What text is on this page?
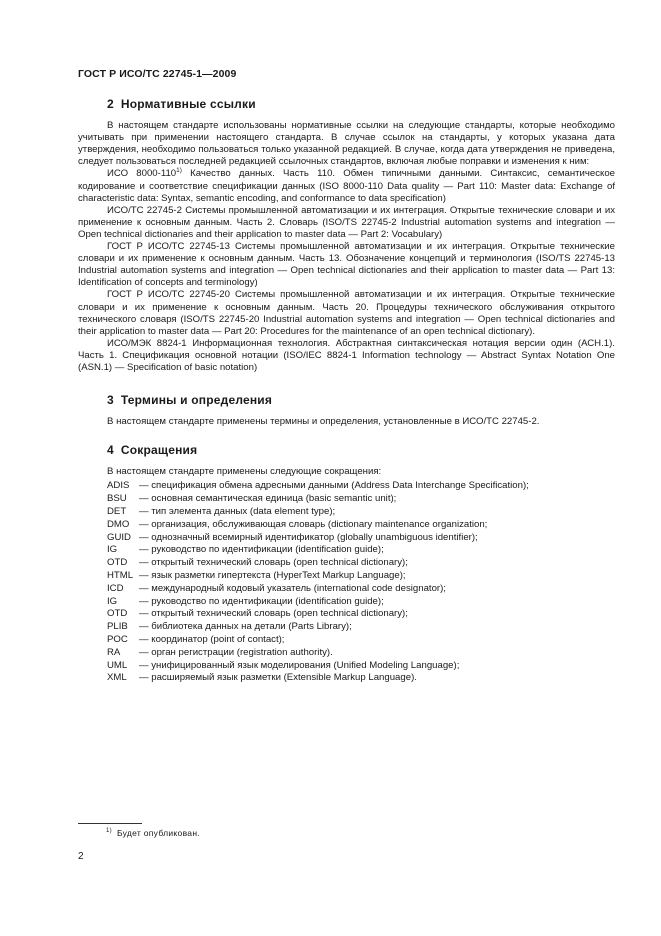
ГОСТ Р ИСО/ТС 22745-1—2009
2 Нормативные ссылки

В настоящем стандарте использованы нормативные ссылки на следующие стандарты, которые необходимо учитывать при применении настоящего стандарта. В случае ссылок на стандарты, у которых указана дата утверждения, необходимо пользоваться только указанной редакцией. В случае, когда дата утверждения не приведена, следует пользоваться последней редакцией ссылочных стандартов, включая любые поправки и изменения к ним:

ИСО 8000-110$^{1)}$ Качество данных. Часть 110. Обмен типичными данными. Синтаксис, семантическое кодирование и соответствие спецификации данных (ISO 8000-110 Data quality — Part 110: Master data: Exchange of characteristic data: Syntax, semantic encoding, and conformance to data specification)

ИСО/ТС 22745-2 Системы промышленной автоматизации и их интеграция. Открытые технические словари и их применение к основным данным. Часть 2. Словарь (ISO/TS 22745-2 Industrial automation systems and integration — Open technical dictionaries and their application to master data — Part 2: Vocabulary)

ГОСТ Р ИСО/ТС 22745-13 Системы промышленной автоматизации и их интеграция. Открытые технические словари и их применение к основным данным. Часть 13. Обозначение концепций и терминология (ISO/TS 22745-13 Industrial automation systems and integration — Open technical dictionaries and their application to master data — Part 13: Identification of concepts and terminology)

ГОСТ Р ИСО/ТС 22745-20 Системы промышленной автоматизации и их интеграция. Открытые технические словари и их применение к основным данным. Часть 20. Процедуры технического обслуживания открытого технического словаря (ISO/TS 22745-20 Industrial automation systems and integration — Open technical dictionaries and their application to master data — Part 20: Procedures for the maintenance of an open technical dictionary).

ИСО/МЭК 8824-1 Информационная технология. Абстрактная синтаксическая нотация версии один (АСН.1). Часть 1. Спецификация основной нотации (ISO/IEC 8824-1 Information technology — Abstract Syntax Notation One (ASN.1) — Specification of basic notation)

3 Термины и определения

В настоящем стандарте применены термины и определения, установленные в ИСО/ТС 22745-2.

4 Сокращения

В настоящем стандарте применены следующие сокращения:

ADIS — спецификация обмена адресными данными (Address Data Interchange Specification);
BSU	— основная семантическая единица (basic semantic unit);
DET	— тип элемента данных (data element type);
DMO	— организация, обслуживающая словарь (dictionary maintenance organization;
GUID — однозначный всемирный идентификатор (globally unambiguous identifier);
IG	— руководство по идентификации (identification guide);
OTD	— открытый технический словарь (open technical dictionary);
HTML — язык разметки гипертекста (HyperText Markup Language);
ICD	— международный кодовый указатель (international code designator);
IG	— руководство по идентификации (identification guide);
OTD	— открытый технический словарь (open technical dictionary);
PLIB	— библиотека данных на детали (Parts Library);
POC	— координатор (point of contact);
RA	— орган регистрации (registration authority).
UML	— унифицированный язык моделирования (Unified Modeling Language);
XML	— расширяемый язык разметки (Extensible Markup Language).
$^{1)}$ Будет опубликован.
2
